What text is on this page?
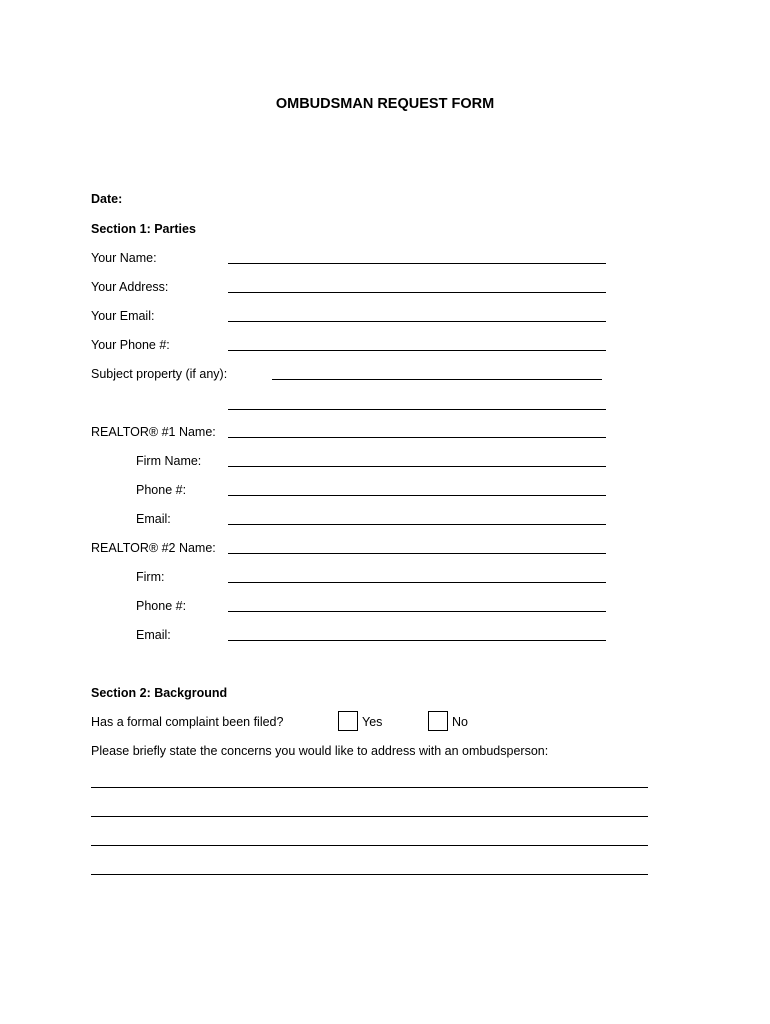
OMBUDSMAN REQUEST FORM
Date:
Section 1: Parties
Your Name:
Your Address:
Your Email:
Your Phone #:
Subject property (if any):
REALTOR® #1 Name:
Firm Name:
Phone #:
Email:
REALTOR® #2 Name:
Firm:
Phone #:
Email:
Section 2: Background
Has a formal complaint been filed?	Yes	No
Please briefly state the concerns you would like to address with an ombudsperson:
